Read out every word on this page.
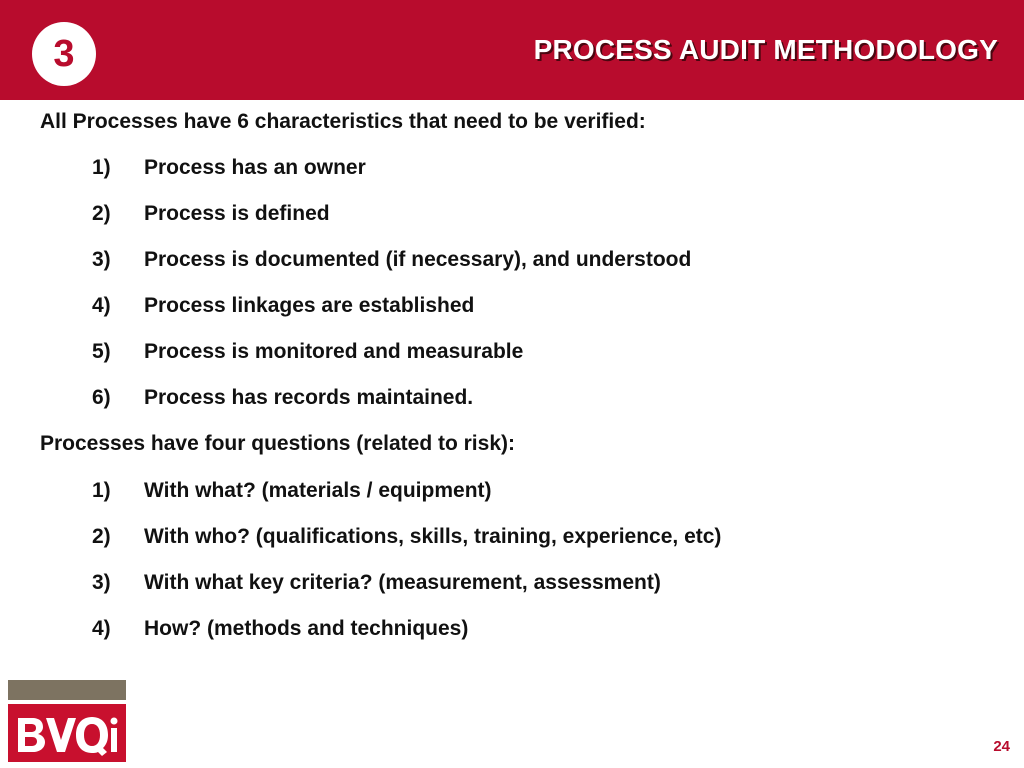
3	PROCESS AUDIT METHODOLOGY
All Processes have 6 characteristics that need to be verified:
1) Process has an owner
2) Process is defined
3) Process is documented (if necessary), and understood
4) Process linkages are established
5) Process is monitored and measurable
6) Process has records maintained.
Processes have four questions (related to risk):
1) With what? (materials / equipment)
2) With who? (qualifications, skills, training, experience, etc)
3) With what key criteria? (measurement, assessment)
4) How? (methods and techniques)
24
